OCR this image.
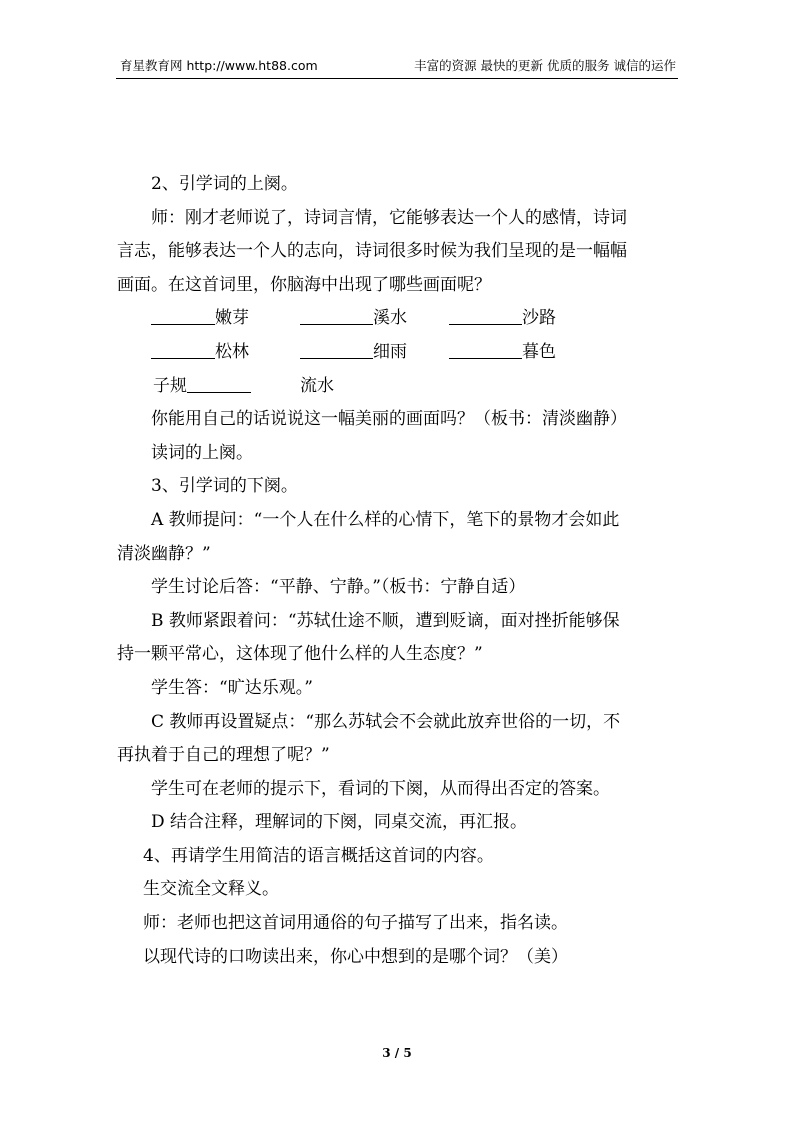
育星教育网 http://www.ht88.com	丰富的资源 最快的更新 优质的服务 诚信的运作
2、引学词的上阕。
师：刚才老师说了，诗词言情，它能够表达一个人的感情，诗词
言志，能够表达一个人的志向，诗词很多时候为我们呈现的是一幅幅
画面。在这首词里，你脑海中出现了哪些画面呢？
嫩芽	溪水	沙路
松林	细雨	暮色
子规	流水
你能用自己的话说说这一幅美丽的画面吗？（板书：清淡幽静）
读词的上阕。
3、引学词的下阕。
A 教师提问：“一个人在什么样的心情下，笔下的景物才会如此
清淡幽静？”
学生讨论后答：“平静、宁静。”（板书：宁静自适）
B 教师紧跟着问：“苏轼仕途不顺，遭到贬谪，面对挫折能够保
持一颗平常心，这体现了他什么样的人生态度？”
学生答：“旷达乐观。”
C 教师再设置疑点：“那么苏轼会不会就此放弃世俗的一切，不
再执着于自己的理想了呢？”
学生可在老师的提示下，看词的下阕，从而得出否定的答案。
D 结合注释，理解词的下阕，同桌交流，再汇报。
4、再请学生用简洁的语言概括这首词的内容。
生交流全文释义。
师：老师也把这首词用通俗的句子描写了出来，指名读。
以现代诗的口吻读出来，你心中想到的是哪个词？（美）
3 / 5
